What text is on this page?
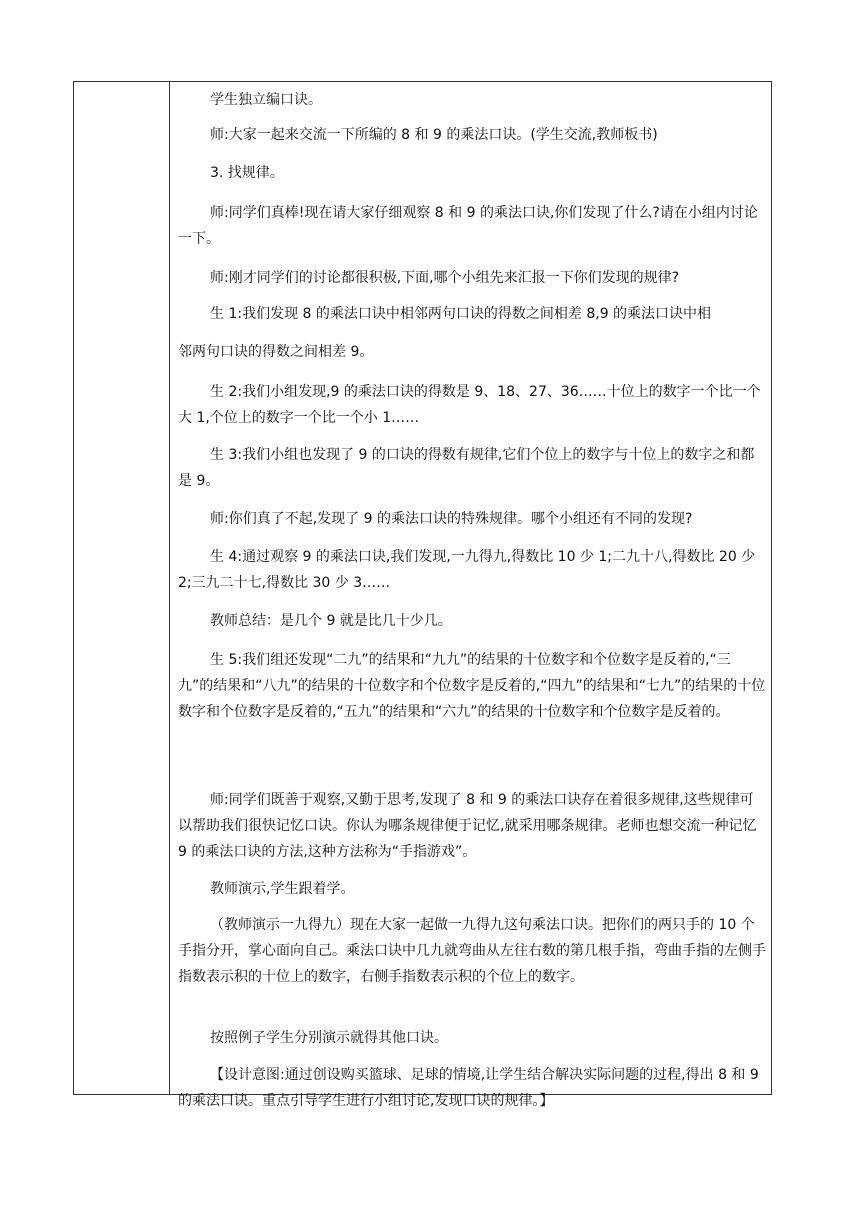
学生独立编口诀。

师:大家一起来交流一下所编的 8 和 9 的乘法口诀。(学生交流,教师板书)

3. 找规律。

师:同学们真棒!现在请大家仔细观察 8 和 9 的乘法口诀,你们发现了什么?请在小组内讨论一下。

师:刚才同学们的讨论都很积极,下面,哪个小组先来汇报一下你们发现的规律?

生 1:我们发现 8 的乘法口诀中相邻两句口诀的得数之间相差 8,9 的乘法口诀中相

邻两句口诀的得数之间相差 9。

生 2:我们小组发现,9 的乘法口诀的得数是 9、18、27、36……十位上的数字一个比一个大 1,个位上的数字一个比一个小 1……

生 3:我们小组也发现了 9 的口诀的得数有规律,它们个位上的数字与十位上的数字之和都是 9。

师:你们真了不起,发现了 9 的乘法口诀的特殊规律。哪个小组还有不同的发现?

生 4:通过观察 9 的乘法口诀,我们发现,一九得九,得数比 10 少 1;二九十八,得数比 20 少 2;三九二十七,得数比 30 少 3……

教师总结：是几个 9 就是比几十少几。

生 5:我们组还发现“二九”的结果和“九九”的结果的十位数字和个位数字是反着的,“三九”的结果和“八九”的结果的十位数字和个位数字是反着的,“四九”的结果和“七九”的结果的十位数字和个位数字是反着的,“五九”的结果和“六九”的结果的十位数字和个位数字是反着的。

师:同学们既善于观察,又勤于思考,发现了 8 和 9 的乘法口诀存在着很多规律,这些规律可以帮助我们很快记忆口诀。你认为哪条规律便于记忆,就采用哪条规律。老师也想交流一种记忆 9 的乘法口诀的方法,这种方法称为“手指游戏”。

教师演示,学生跟着学。

（教师演示一九得九）现在大家一起做一九得九这句乘法口诀。把你们的两只手的 10 个手指分开，掌心面向自己。乘法口诀中几九就弯曲从左往右数的第几根手指，弯曲手指的左侧手指数表示积的十位上的数字，右侧手指数表示积的个位上的数字。

按照例子学生分别演示就得其他口诀。

【设计意图:通过创设购买篮球、足球的情境,让学生结合解决实际问题的过程,得出 8 和 9 的乘法口诀。重点引导学生进行小组讨论,发现口诀的规律。】
